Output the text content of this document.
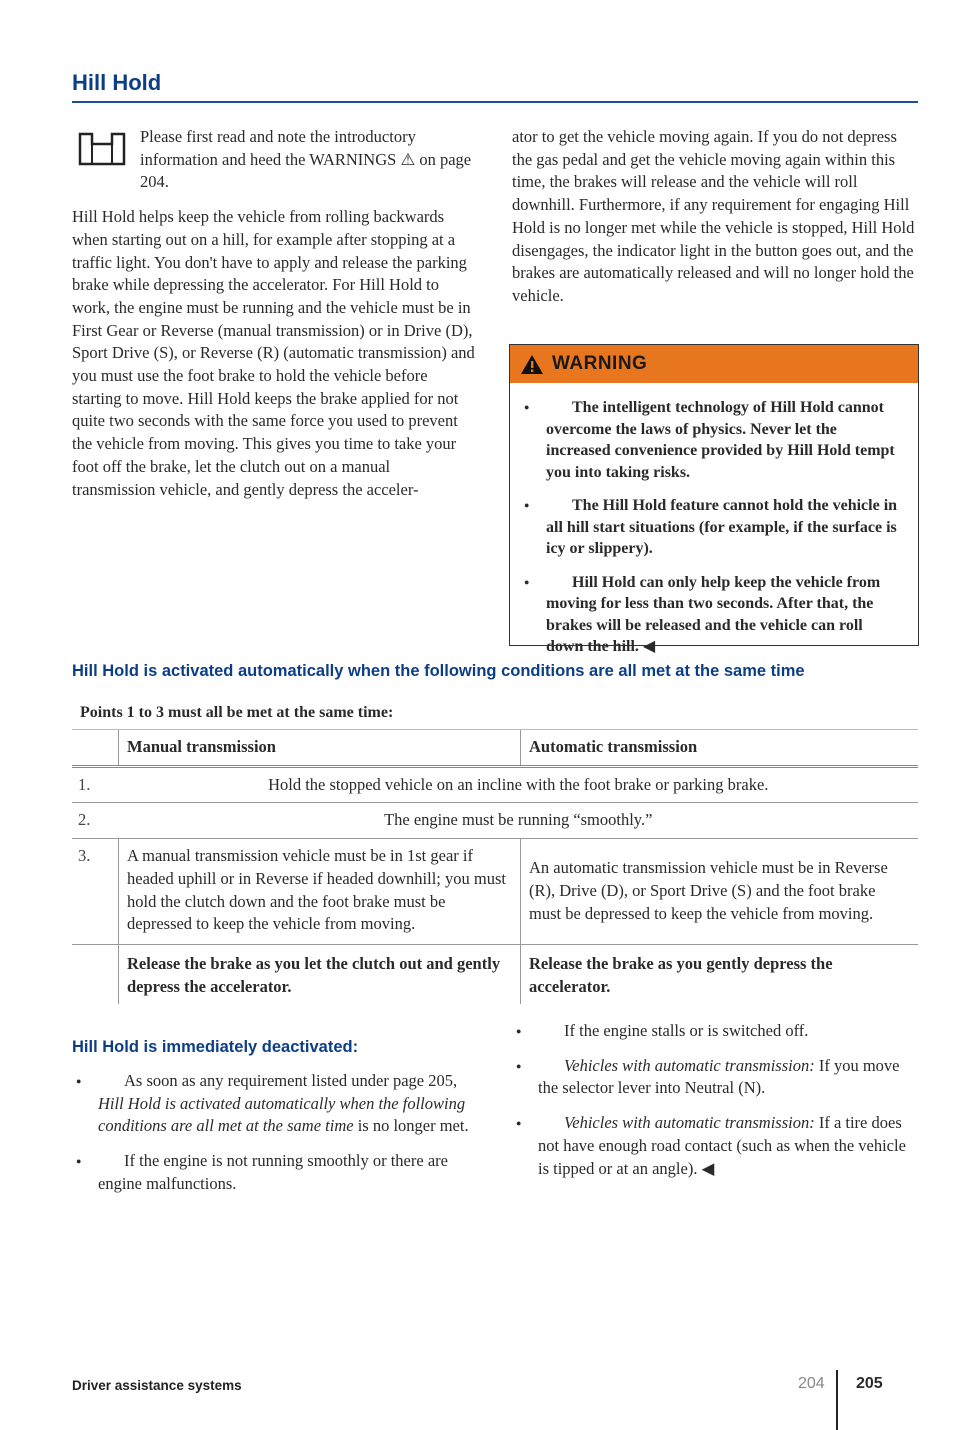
Hill Hold

Please first read and note the introductory information and heed the WARNINGS ⚠ on page 204.

Hill Hold helps keep the vehicle from rolling backwards when starting out on a hill, for example after stopping at a traffic light. You don't have to apply and release the parking brake while depressing the accelerator. For Hill Hold to work, the engine must be running and the vehicle must be in First Gear or Reverse (manual transmission) or in Drive (D), Sport Drive (S), or Reverse (R) (automatic transmission) and you must use the foot brake to hold the vehicle before starting to move. Hill Hold keeps the brake applied for not quite two seconds with the same force you used to prevent the vehicle from moving. This gives you time to take your foot off the brake, let the clutch out on a manual transmission vehicle, and gently depress the acceler-

ator to get the vehicle moving again. If you do not depress the gas pedal and get the vehicle moving again within this time, the brakes will release and the vehicle will roll downhill. Furthermore, if any requirement for engaging Hill Hold is no longer met while the vehicle is stopped, Hill Hold disengages, the indicator light in the button goes out, and the brakes are automatically released and will no longer hold the vehicle.

WARNING
● The intelligent technology of Hill Hold cannot overcome the laws of physics. Never let the increased convenience provided by Hill Hold tempt you into taking risks.
● The Hill Hold feature cannot hold the vehicle in all hill start situations (for example, if the surface is icy or slippery).
● Hill Hold can only help keep the vehicle from moving for less than two seconds. After that, the brakes will be released and the vehicle can roll down the hill. ◀
Hill Hold is activated automatically when the following conditions are all met at the same time
Points 1 to 3 must all be met at the same time:
	Manual transmission	Automatic transmission
1.	Hold the stopped vehicle on an incline with the foot brake or parking brake.	
2.	The engine must be running “smoothly.”	
3.	A manual transmission vehicle must be in 1st gear if headed uphill or in Reverse if headed downhill; you must hold the clutch down and the foot brake must be depressed to keep the vehicle from moving.	An automatic transmission vehicle must be in Reverse (R), Drive (D), or Sport Drive (S) and the foot brake must be depressed to keep the vehicle from moving.
	Release the brake as you let the clutch out and gently depress the accelerator.	Release the brake as you gently depress the accelerator.
Hill Hold is immediately deactivated:
● As soon as any requirement listed under page 205, Hill Hold is activated automatically when the following conditions are all met at the same time is no longer met.
● If the engine is not running smoothly or there are engine malfunctions.
● If the engine stalls or is switched off.
● Vehicles with automatic transmission: If you move the selector lever into Neutral (N).
● Vehicles with automatic transmission: If a tire does not have enough road contact (such as when the vehicle is tipped or at an angle). ◀
Driver assistance systems	204 205
